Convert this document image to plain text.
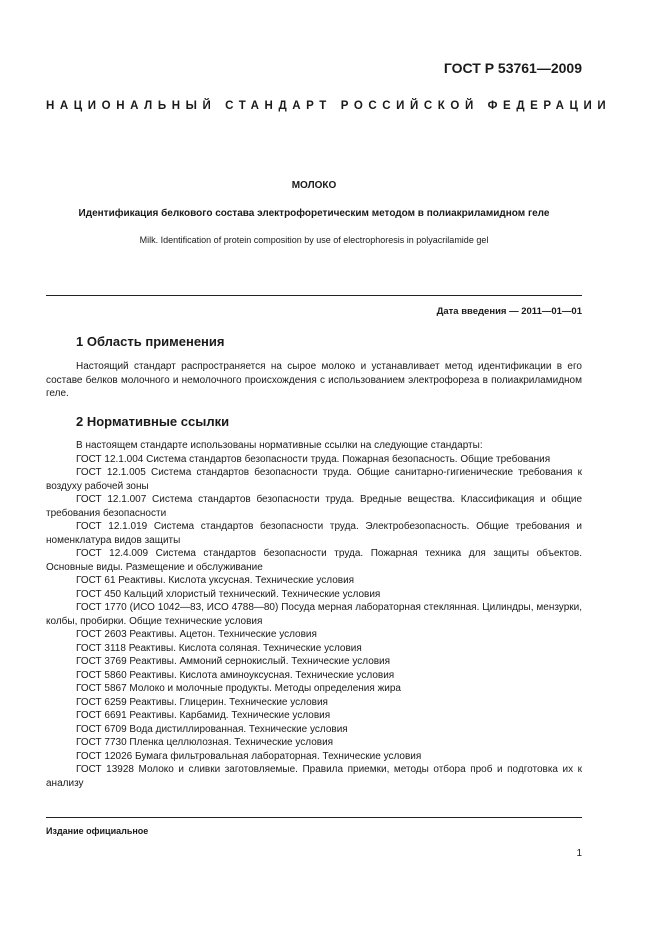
ГОСТ Р 53761—2009
НАЦИОНАЛЬНЫЙ СТАНДАРТ РОССИЙСКОЙ ФЕДЕРАЦИИ
МОЛОКО
Идентификация белкового состава электрофоретическим методом в полиакриламидном геле
Milk. Identification of protein composition by use of electrophoresis in polyacrilamide gel
Дата введения — 2011—01—01
1 Область применения
Настоящий стандарт распространяется на сырое молоко и устанавливает метод идентификации в его составе белков молочного и немолочного происхождения с использованием электрофореза в полиакриламидном геле.
2 Нормативные ссылки
В настоящем стандарте использованы нормативные ссылки на следующие стандарты:
ГОСТ 12.1.004 Система стандартов безопасности труда. Пожарная безопасность. Общие требования
ГОСТ 12.1.005 Система стандартов безопасности труда. Общие санитарно-гигиенические требования к воздуху рабочей зоны
ГОСТ 12.1.007 Система стандартов безопасности труда. Вредные вещества. Классификация и общие требования безопасности
ГОСТ 12.1.019 Система стандартов безопасности труда. Электробезопасность. Общие требования и номенклатура видов защиты
ГОСТ 12.4.009 Система стандартов безопасности труда. Пожарная техника для защиты объектов. Основные виды. Размещение и обслуживание
ГОСТ 61 Реактивы. Кислота уксусная. Технические условия
ГОСТ 450 Кальций хлористый технический. Технические условия
ГОСТ 1770 (ИСО 1042—83, ИСО 4788—80) Посуда мерная лабораторная стеклянная. Цилиндры, мензурки, колбы, пробирки. Общие технические условия
ГОСТ 2603 Реактивы. Ацетон. Технические условия
ГОСТ 3118 Реактивы. Кислота соляная. Технические условия
ГОСТ 3769 Реактивы. Аммоний сернокислый. Технические условия
ГОСТ 5860 Реактивы. Кислота аминоуксусная. Технические условия
ГОСТ 5867 Молоко и молочные продукты. Методы определения жира
ГОСТ 6259 Реактивы. Глицерин. Технические условия
ГОСТ 6691 Реактивы. Карбамид. Технические условия
ГОСТ 6709 Вода дистиллированная. Технические условия
ГОСТ 7730 Пленка целлюлозная. Технические условия
ГОСТ 12026 Бумага фильтровальная лабораторная. Технические условия
ГОСТ 13928 Молоко и сливки заготовляемые. Правила приемки, методы отбора проб и подготовка их к анализу
Издание официальное
1
